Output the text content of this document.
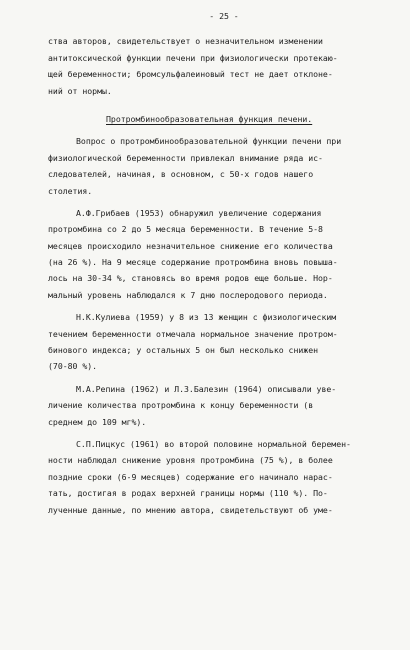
- 25 -
ства авторов, свидетельствует о незначительном изменении
антитоксической функции печени при физиологически протекаю-
щей беременности; бромсульфалеиновый тест не дает отклоне-
ний от нормы.
Протромбинообразовательная функция печени.
Вопрос о протромбинообразовательной функции печени при
физиологической беременности привлекал внимание ряда ис-
следователей, начиная, в основном, с 50-х годов нашего
столетия.
А.Ф.Грибаев (1953) обнаружил увеличение содержания
протромбина со 2 до 5 месяца беременности. В течение 5-8
месяцев происходило незначительное снижение его количества
(на 26 %). На 9 месяце содержание протромбина вновь повыша-
лось на 30-34 %, становясь во время родов еще больше. Нор-
мальный уровень наблюдался к 7 дню послеродового периода.
Н.К.Кулиева (1959) у 8 из 13 женщин с физиологическим
течением беременности отмечала нормальное значение протром-
бинового индекса; у остальных 5 он был несколько снижен
(70-80 %).
М.А.Репина (1962) и Л.З.Балезин (1964) описывали уве-
личение количества протромбина к концу беременности (в
среднем до 109 мг%).
С.П.Пицкус (1961) во второй половине нормальной беремен-
ности наблюдал снижение уровня протромбина (75 %), в более
поздние сроки (6-9 месяцев) содержание его начинало нарас-
тать, достигая в родах верхней границы нормы (110 %). По-
лученные данные, по мнению автора, свидетельствуют об уме-
